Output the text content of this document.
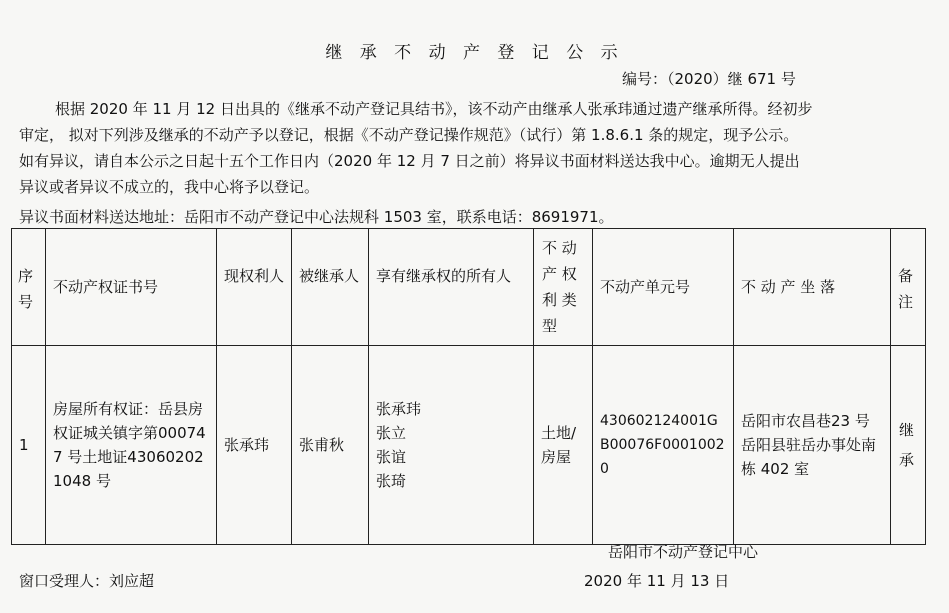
继 承 不 动 产 登 记 公 示
编号：（2020）继 671 号
根据 2020 年 11 月 12 日出具的《继承不动产登记具结书》，该不动产由继承人张承玮通过遗产继承所得。经初步
审定， 拟对下列涉及继承的不动产予以登记，根据《不动产登记操作规范》（试行）第 1.8.6.1 条的规定，现予公示。
如有异议，请自本公示之日起十五个工作日内（2020 年 12 月 7 日之前）将异议书面材料送达我中心。逾期无人提出
异议或者异议不成立的，我中心将予以登记。
异议书面材料送达地址：岳阳市不动产登记中心法规科 1503 室，联系电话：8691971。
序号	不动产权证书号	现权利人	被继承人	享有继承权的所有人	不 动 产 权 利 类型	不动产单元号	不 动 产 坐 落	备注

1	房屋所有权证：岳县房权证城关镇字第000747 号土地证430602021048 号	张承玮	张甫秋	张承玮
张立
张谊
张琦	土地/房屋	430602124001GB00076F00010020	岳阳市农昌巷23 号岳阳县驻岳办事处南栋 402 室	继承
岳阳市不动产登记中心
窗口受理人：刘应超	2020 年 11 月 13 日
